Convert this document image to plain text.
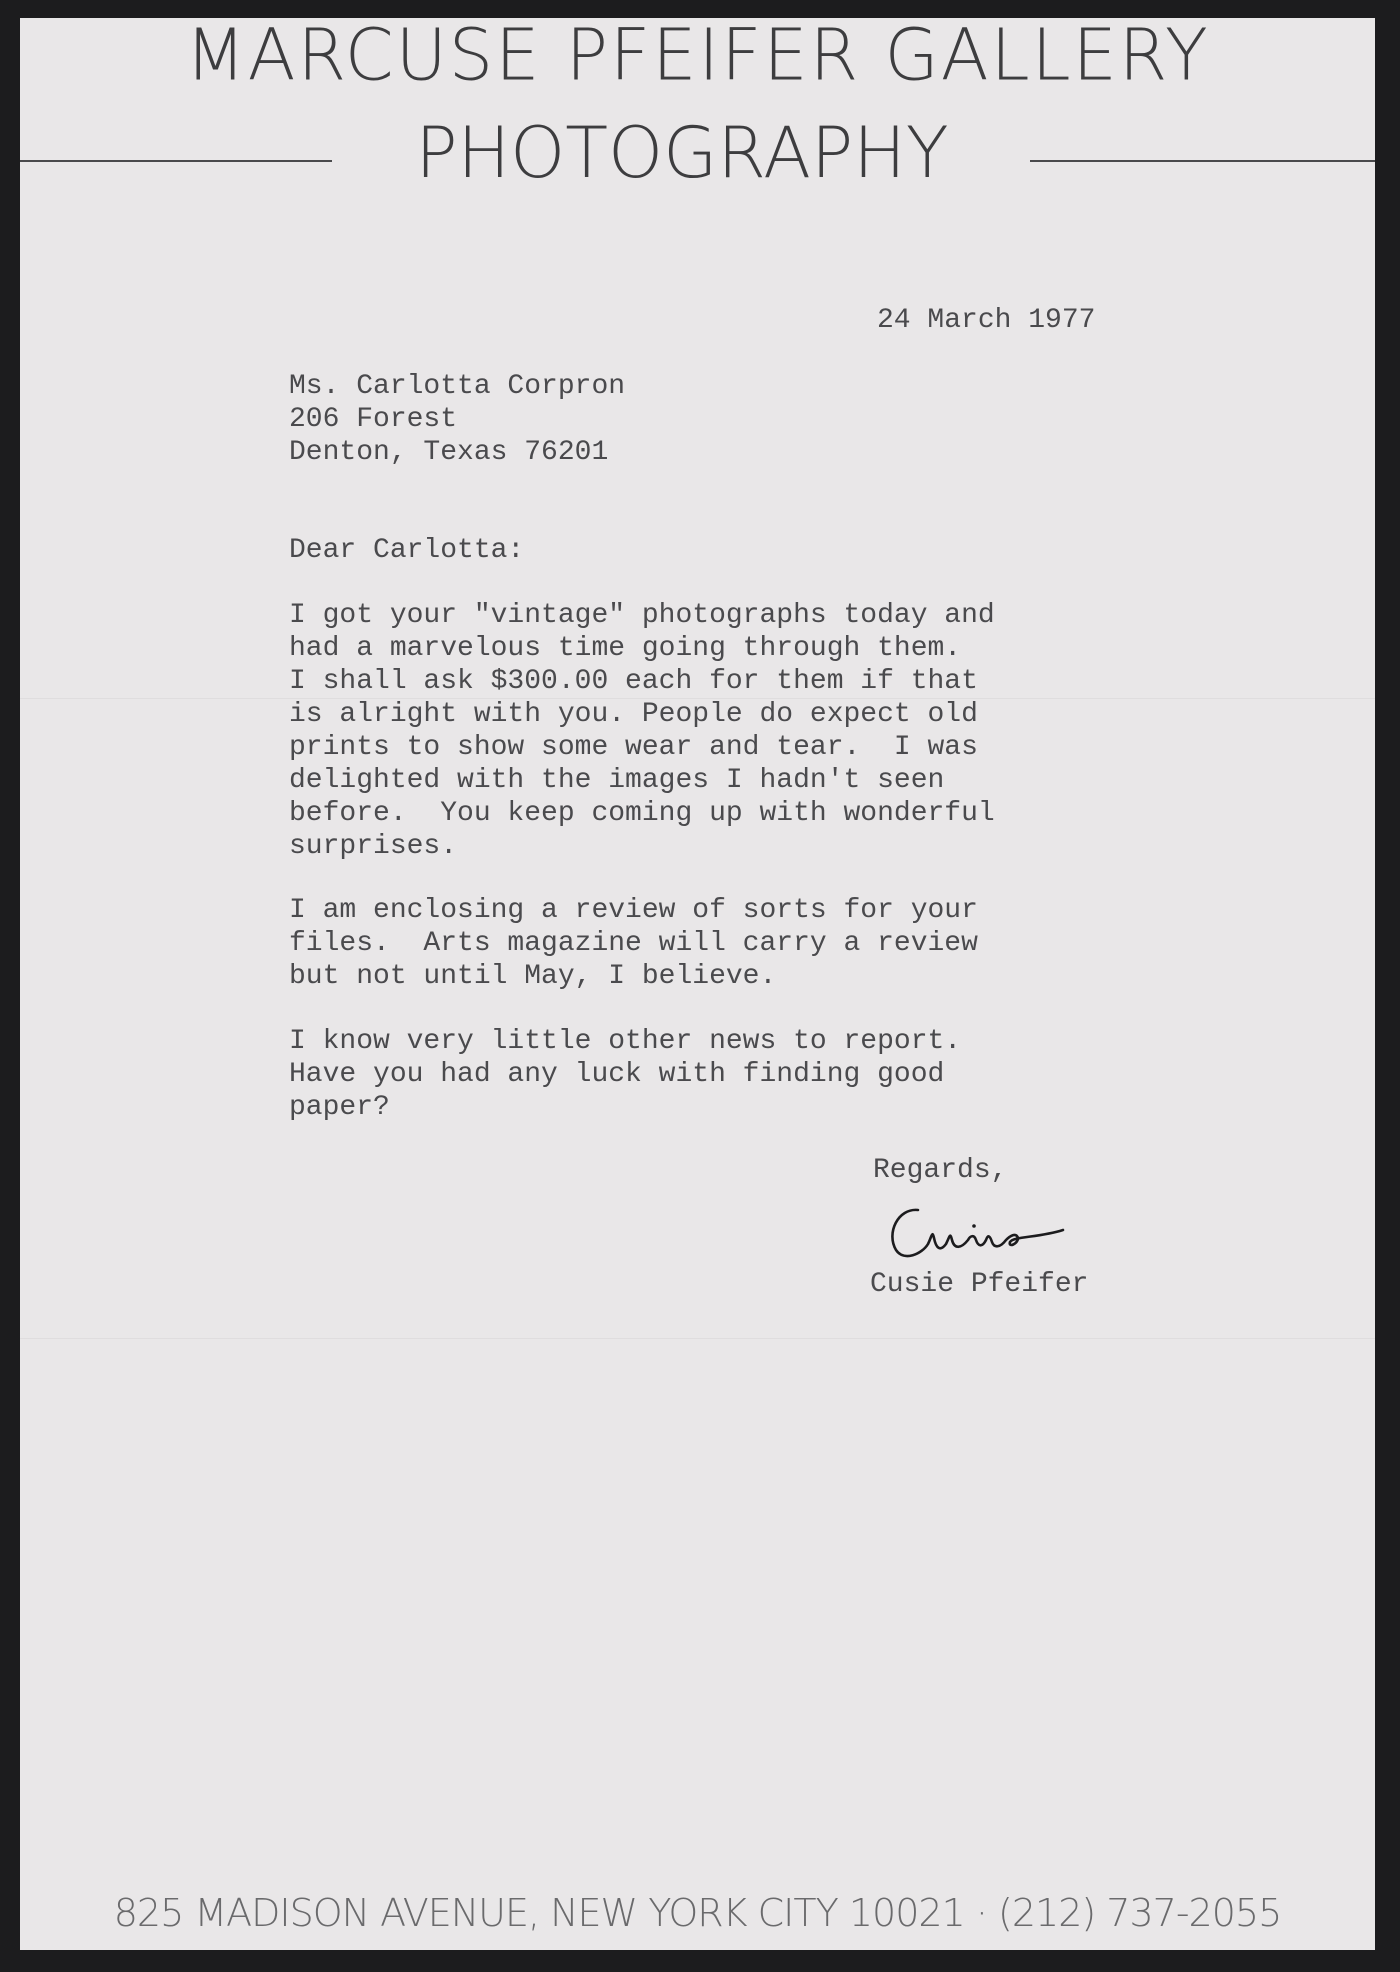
MARCUSE PFEIFER GALLERY
PHOTOGRAPHY
24 March 1977
Ms. Carlotta Corpron
206 Forest
Denton, Texas 76201
Dear Carlotta:
I got your "vintage" photographs today and
had a marvelous time going through them.
I shall ask $300.00 each for them if that
is alright with you. People do expect old
prints to show some wear and tear.  I was
delighted with the images I hadn't seen
before.  You keep coming up with wonderful
surprises.
I am enclosing a review of sorts for your
files.  Arts magazine will carry a review
but not until May, I believe.
I know very little other news to report.
Have you had any luck with finding good
paper?
Regards,
Cusie Pfeifer
825 MADISON AVENUE, NEW YORK CITY 10021 · (212) 737-2055
